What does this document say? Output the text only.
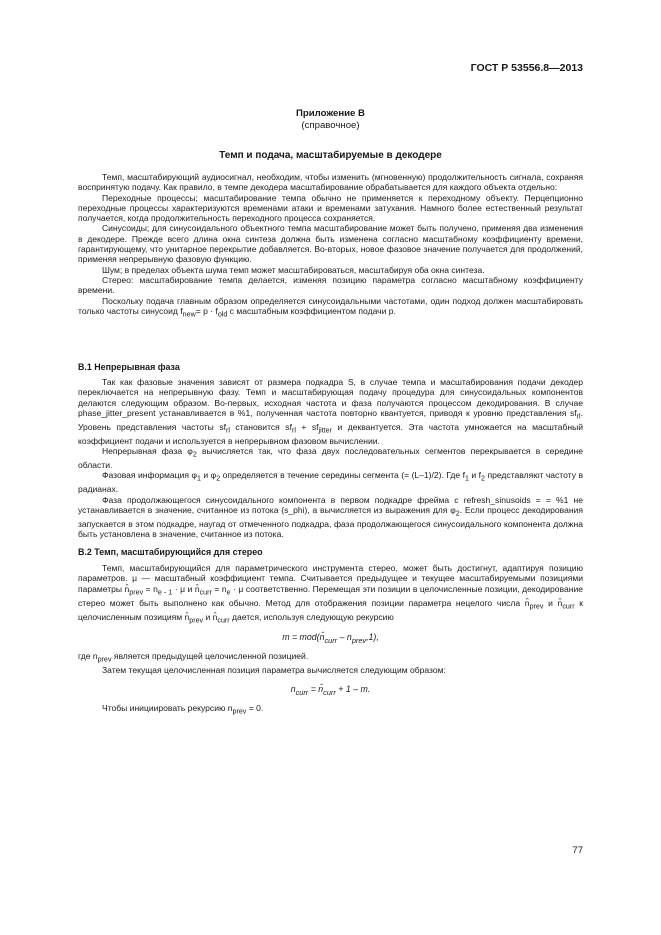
ГОСТ Р 53556.8—2013
Приложение В
(справочное)
Темп и подача, масштабируемые в декодере

Темп, масштабирующий аудиосигнал, необходим, чтобы изменить (мгновенную) продолжительность сигнала, сохраняя воспринятую подачу. Как правило, в темпе декодера масштабирование обрабатывается для каждого объекта отдельно:

Переходные процессы; масштабирование темпа обычно не применяется к переходному объекту. Перцепционно переходные процессы характеризуются временами атаки и временами затухания. Намного более естественный результат получается, когда продолжительность переходного процесса сохраняется.

Синусоиды; для синусоидального объектного темпа масштабирование может быть получено, применяя два изменения в декодере. Прежде всего длина окна синтеза должна быть изменена согласно масштабному коэффициенту времени, гарантирующему, что унитарное перекрытие добавляется. Во-вторых, новое фазовое значение получается для продолжений, применяя непрерывную фазовую функцию.

Шум; в пределах объекта шума темп может масштабироваться, масштабируя оба окна синтеза.

Стерео: масштабирование темпа делается, изменяя позицию параметра согласно масштабному коэффициенту времени.

Поскольку подача главным образом определяется синусоидальными частотами, один подход должен масштабировать только частоты синусоид $f_{new}= p \cdot f_{old}$ с масштабным коэффициентом подачи p.

В.1 Непрерывная фаза

Так как фазовые значения зависят от размера подкадра S, в случае темпа и масштабирования подачи декодер переключается на непрерывную фазу. Темп и масштабирующая подачу процедура для синусоидальных компонентов делаются следующим образом. Во-первых, исходная частота и фаза получаются процессом декодирования. В случае phase_jitter_present устанавливается в %1, полученная частота повторно квантуется, приводя к уровню представления $sf_{rl}$. Уровень представления частоты $sf_{rl}$ становится $sf_{rl} + sf_{jitter}$ и деквантуется. Эта частота умножается на масштабный коэффициент подачи и используется в непрерывном фазовом вычислении.

Непрерывная фаза $\varphi_2$ вычисляется так, что фаза двух последовательных сегментов перекрывается в середине области.

Фазовая информация $\varphi_1$ и $\varphi_2$ определяется в течение середины сегмента (= (L–1)/2). Где $f_1$ и $f_2$ представляют частоту в радианах.

Фаза продолжающегося синусоидального компонента в первом подкадре фрейма с refresh_sinusoids = = %1 не устанавливается в значение, считанное из потока (s_phi), а вычисляется из выражения для $\varphi_2$. Если процесс декодирования запускается в этом подкадре, наугад от отмеченного подкадра, фаза продолжающегося синусоидального компонента должна быть установлена в значение, считанное из потока.

В.2 Темп, масштабирующийся для стерео

Темп, масштабирующийся для параметрического инструмента стерео, может быть достигнут, адаптируя позицию параметров. μ — масштабный коэффициент темпа. Считывается предыдущее и текущее масштабируемыми позициями параметры $n̂_{prev} = n_{e - 1} \cdot \mu$ и $n̂_{curr} = n_e \cdot \mu$ соответственно. Перемещая эти позиции в целочисленные позиции, декодирование стерео может быть выполнено как обычно. Метод для отображения позиции параметра нецелого числа $n̂_{prev}$ и $n̂_{curr}$ к целочисленным позициям $n̂_{prev}$ и $n̂_{curr}$ дается, используя следующую рекурсию

$m = mod(n̂_{curr} - n_{prev},1)$,

где $n_{prev}$ является предыдущей целочисленной позицией.

Затем текущая целочисленная позиция параметра вычисляется следующим образом:

$n_{curr}$ = $n̂_{curr} + 1 - m$.

Чтобы инициировать рекурсию $n_{prev} = 0$.

77
